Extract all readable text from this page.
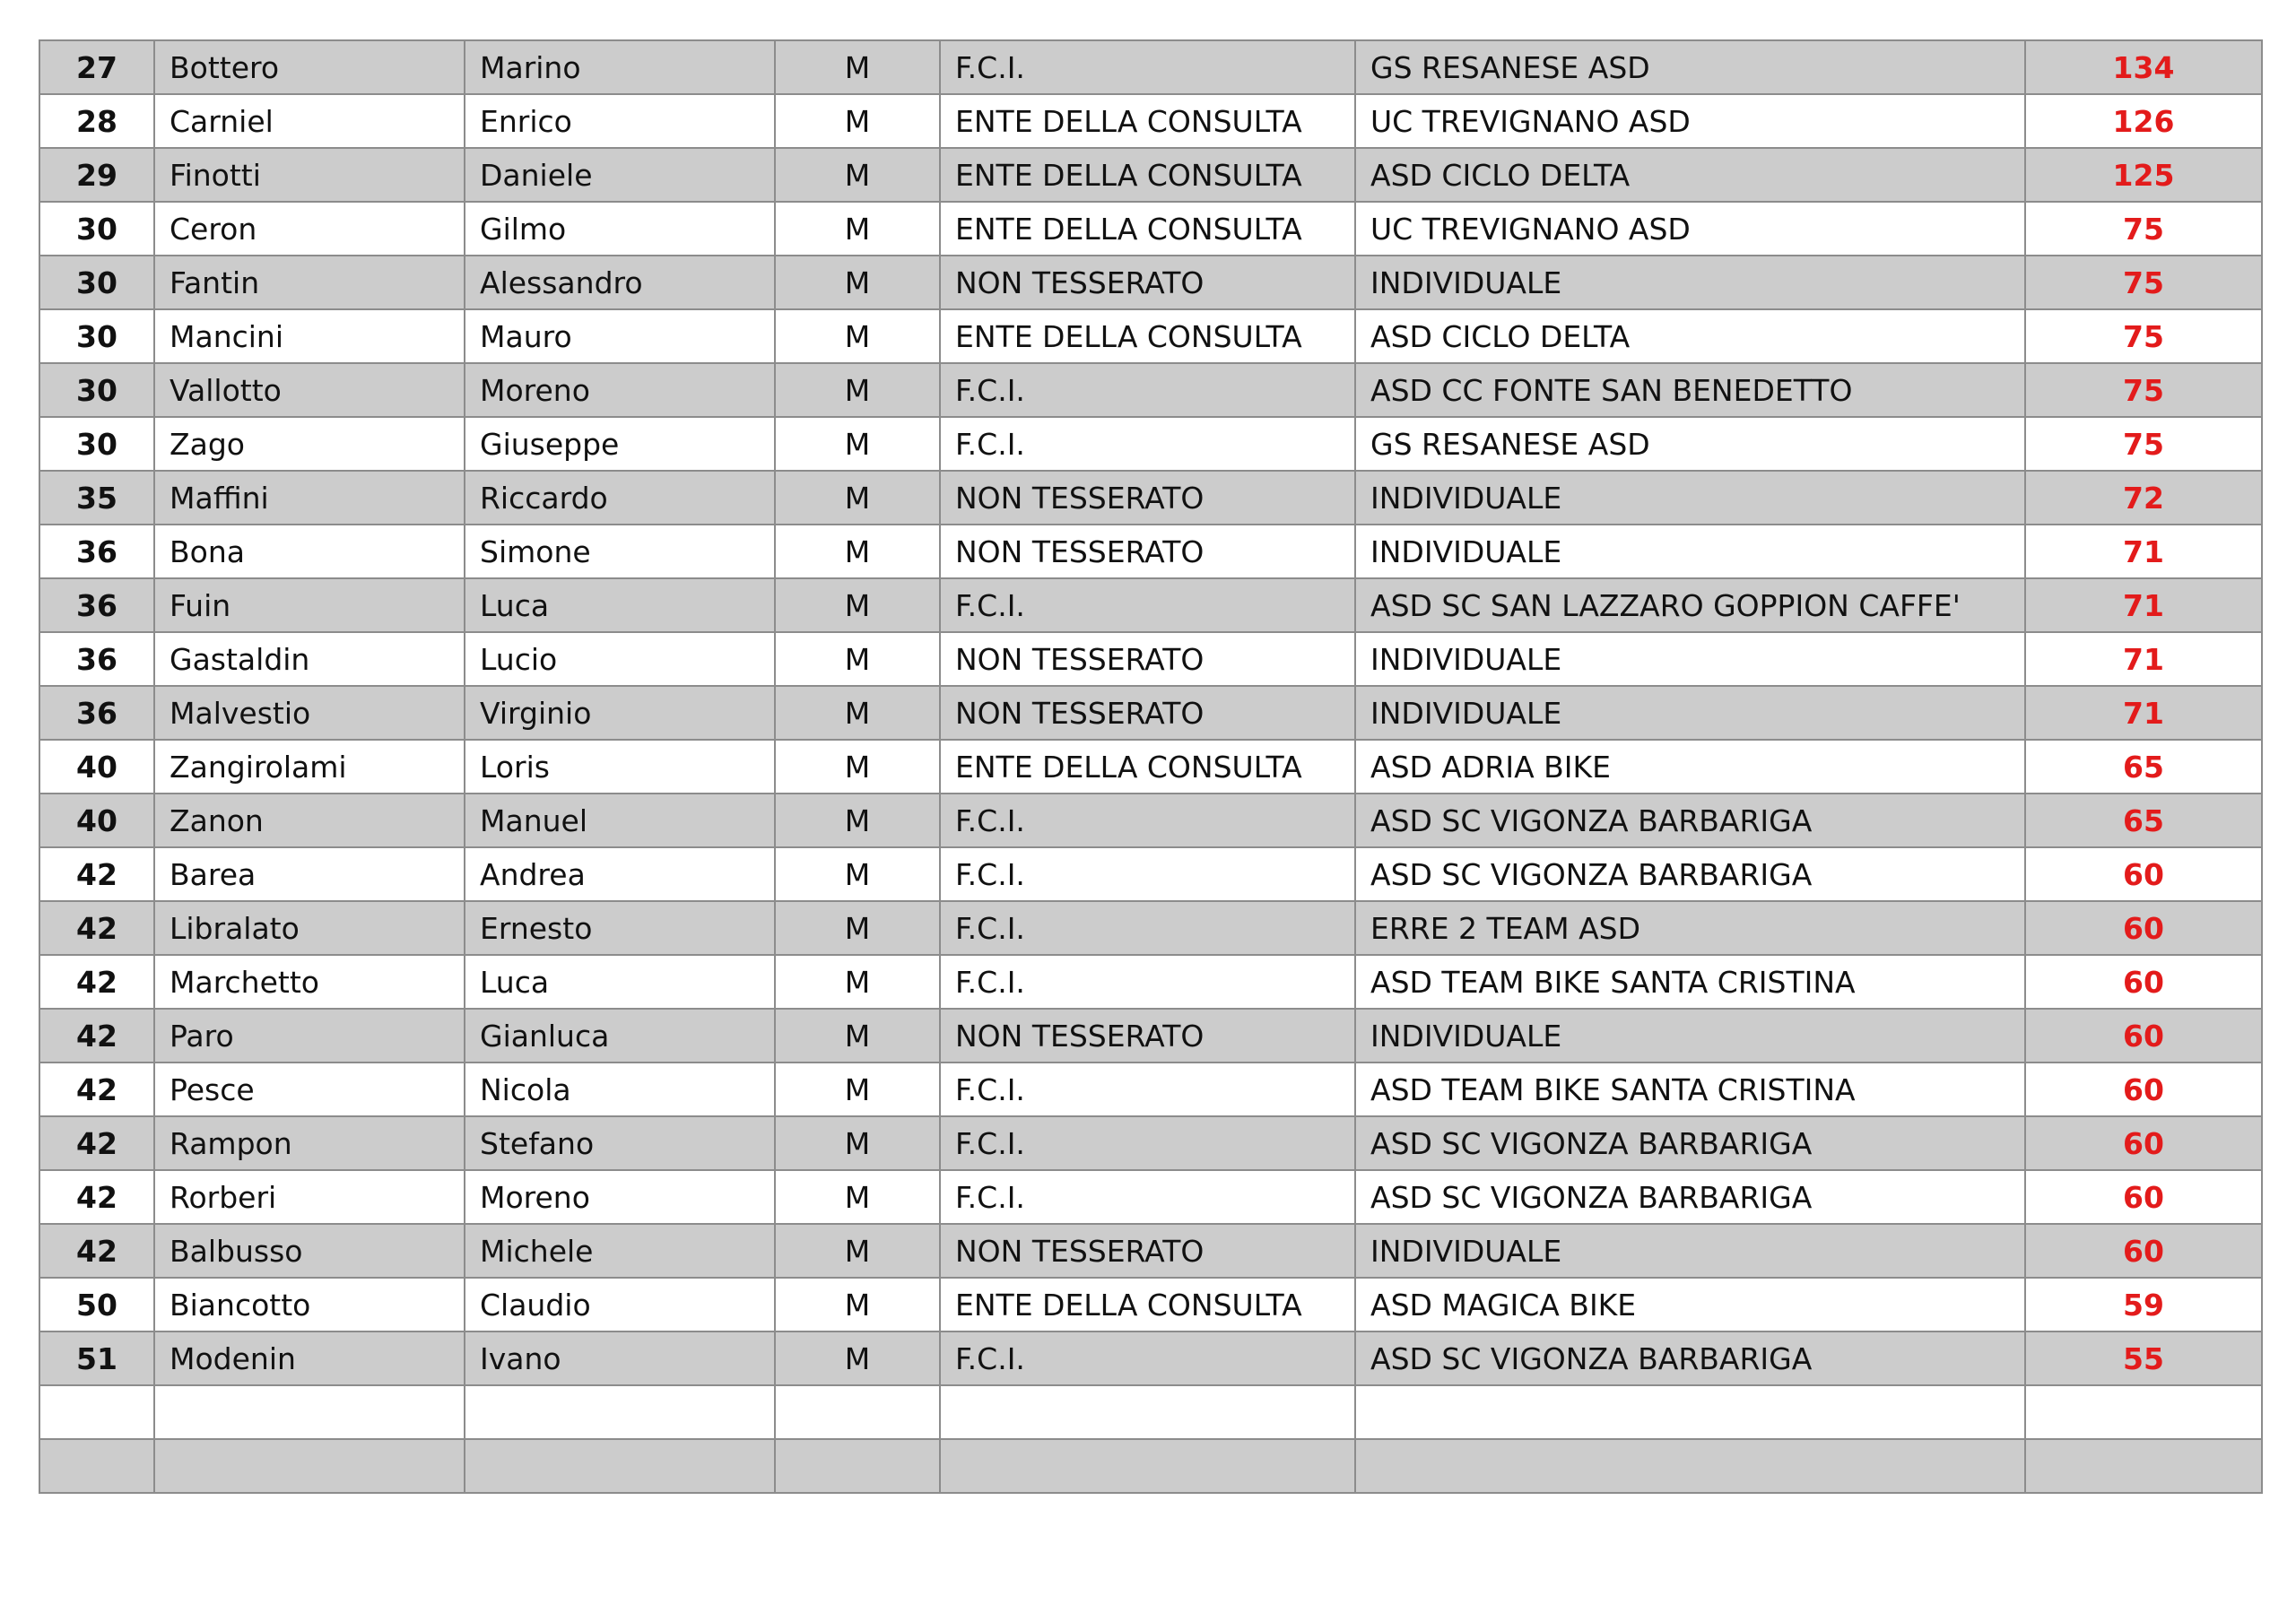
27	Bottero	Marino	M	F.C.I.	GS RESANESE ASD	134
28	Carniel	Enrico	M	ENTE DELLA CONSULTA	UC TREVIGNANO ASD	126
29	Finotti	Daniele	M	ENTE DELLA CONSULTA	ASD CICLO DELTA	125
30	Ceron	Gilmo	M	ENTE DELLA CONSULTA	UC TREVIGNANO ASD	75
30	Fantin	Alessandro	M	NON TESSERATO	INDIVIDUALE	75
30	Mancini	Mauro	M	ENTE DELLA CONSULTA	ASD CICLO DELTA	75
30	Vallotto	Moreno	M	F.C.I.	ASD CC FONTE SAN BENEDETTO	75
30	Zago	Giuseppe	M	F.C.I.	GS RESANESE ASD	75
35	Maffini	Riccardo	M	NON TESSERATO	INDIVIDUALE	72
36	Bona	Simone	M	NON TESSERATO	INDIVIDUALE	71
36	Fuin	Luca	M	F.C.I.	ASD SC SAN LAZZARO GOPPION CAFFE'	71
36	Gastaldin	Lucio	M	NON TESSERATO	INDIVIDUALE	71
36	Malvestio	Virginio	M	NON TESSERATO	INDIVIDUALE	71
40	Zangirolami	Loris	M	ENTE DELLA CONSULTA	ASD ADRIA BIKE	65
40	Zanon	Manuel	M	F.C.I.	ASD SC VIGONZA BARBARIGA	65
42	Barea	Andrea	M	F.C.I.	ASD SC VIGONZA BARBARIGA	60
42	Libralato	Ernesto	M	F.C.I.	ERRE 2 TEAM ASD	60
42	Marchetto	Luca	M	F.C.I.	ASD TEAM BIKE SANTA CRISTINA	60
42	Paro	Gianluca	M	NON TESSERATO	INDIVIDUALE	60
42	Pesce	Nicola	M	F.C.I.	ASD TEAM BIKE SANTA CRISTINA	60
42	Rampon	Stefano	M	F.C.I.	ASD SC VIGONZA BARBARIGA	60
42	Rorberi	Moreno	M	F.C.I.	ASD SC VIGONZA BARBARIGA	60
42	Balbusso	Michele	M	NON TESSERATO	INDIVIDUALE	60
50	Biancotto	Claudio	M	ENTE DELLA CONSULTA	ASD MAGICA BIKE	59
51	Modenin	Ivano	M	F.C.I.	ASD SC VIGONZA BARBARIGA	55
